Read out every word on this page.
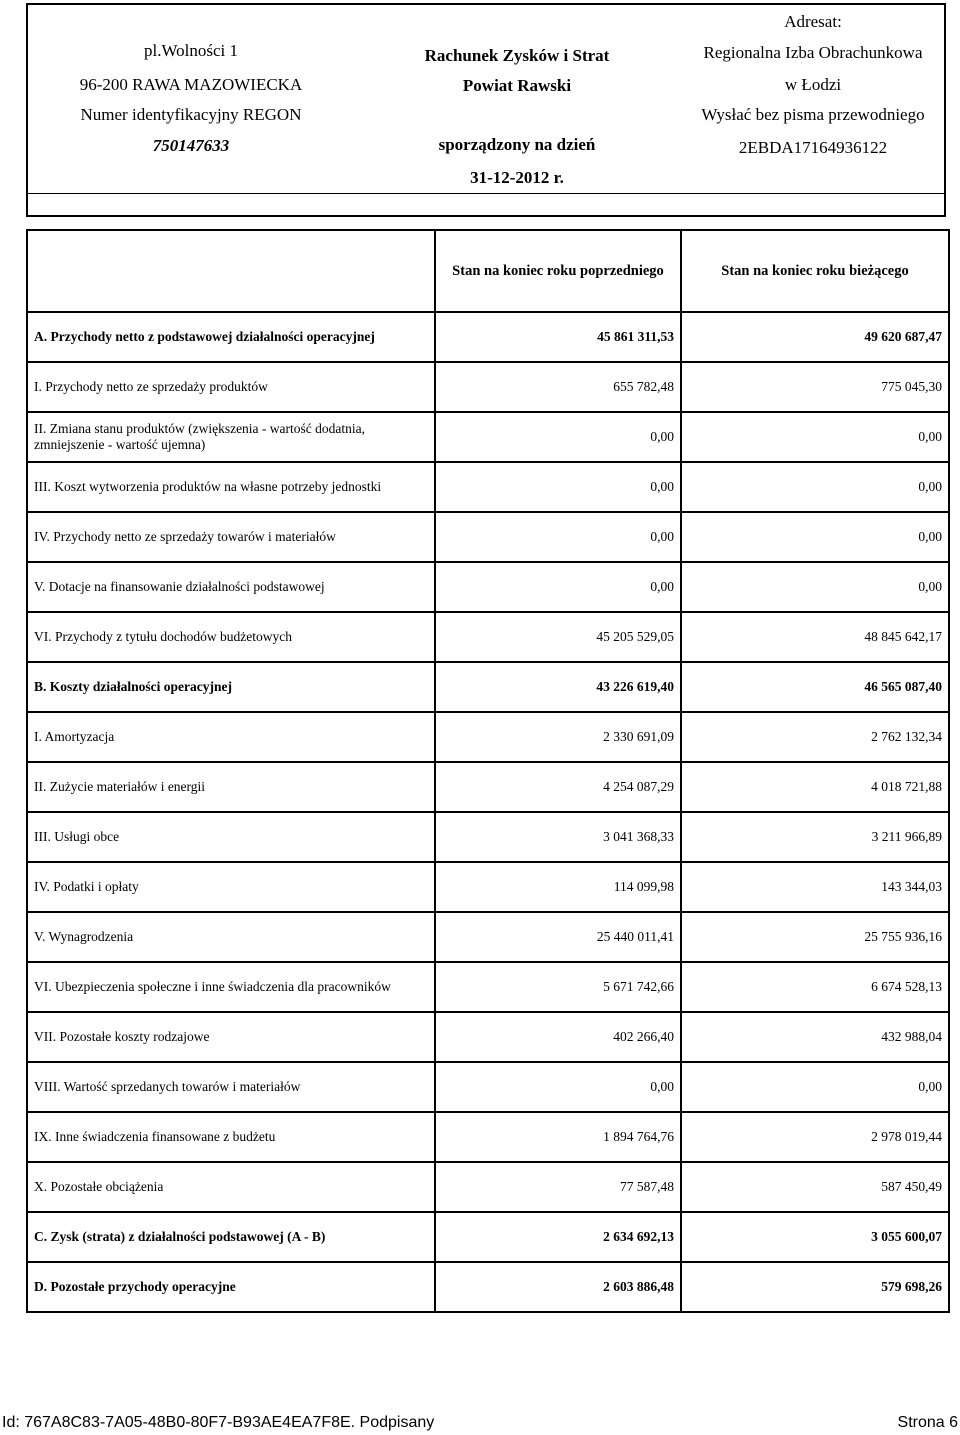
pl.Wolności 1
96-200 RAWA MAZOWIECKA
Numer identyfikacyjny REGON
750147633
Rachunek Zysków i Strat
Powiat Rawski
sporządzony na dzień
31-12-2012 r.
Adresat:
Regionalna Izba Obrachunkowa
w Łodzi
Wysłać bez pisma przewodniego
2EBDA17164936122
	Stan na koniec roku poprzedniego	Stan na koniec roku bieżącego
A. Przychody netto z podstawowej działalności operacyjnej	45 861 311,53	49 620 687,47
I. Przychody netto ze sprzedaży produktów	655 782,48	775 045,30
II. Zmiana stanu produktów (zwiększenia - wartość dodatnia, zmniejszenie - wartość ujemna)	0,00	0,00
III. Koszt wytworzenia produktów na własne potrzeby jednostki	0,00	0,00
IV. Przychody netto ze sprzedaży towarów i materiałów	0,00	0,00
V. Dotacje na finansowanie działalności podstawowej	0,00	0,00
VI. Przychody z tytułu dochodów budżetowych	45 205 529,05	48 845 642,17
B. Koszty działalności operacyjnej	43 226 619,40	46 565 087,40
I. Amortyzacja	2 330 691,09	2 762 132,34
II. Zużycie materiałów i energii	4 254 087,29	4 018 721,88
III. Usługi obce	3 041 368,33	3 211 966,89
IV. Podatki i opłaty	114 099,98	143 344,03
V. Wynagrodzenia	25 440 011,41	25 755 936,16
VI. Ubezpieczenia społeczne i inne świadczenia dla pracowników	5 671 742,66	6 674 528,13
VII. Pozostałe koszty rodzajowe	402 266,40	432 988,04
VIII. Wartość sprzedanych towarów i materiałów	0,00	0,00
IX. Inne świadczenia finansowane z budżetu	1 894 764,76	2 978 019,44
X. Pozostałe obciążenia	77 587,48	587 450,49
C. Zysk (strata) z działalności podstawowej (A - B)	2 634 692,13	3 055 600,07
D. Pozostałe przychody operacyjne	2 603 886,48	579 698,26
Id: 767A8C83-7A05-48B0-80F7-B93AE4EA7F8E. Podpisany	Strona 6
